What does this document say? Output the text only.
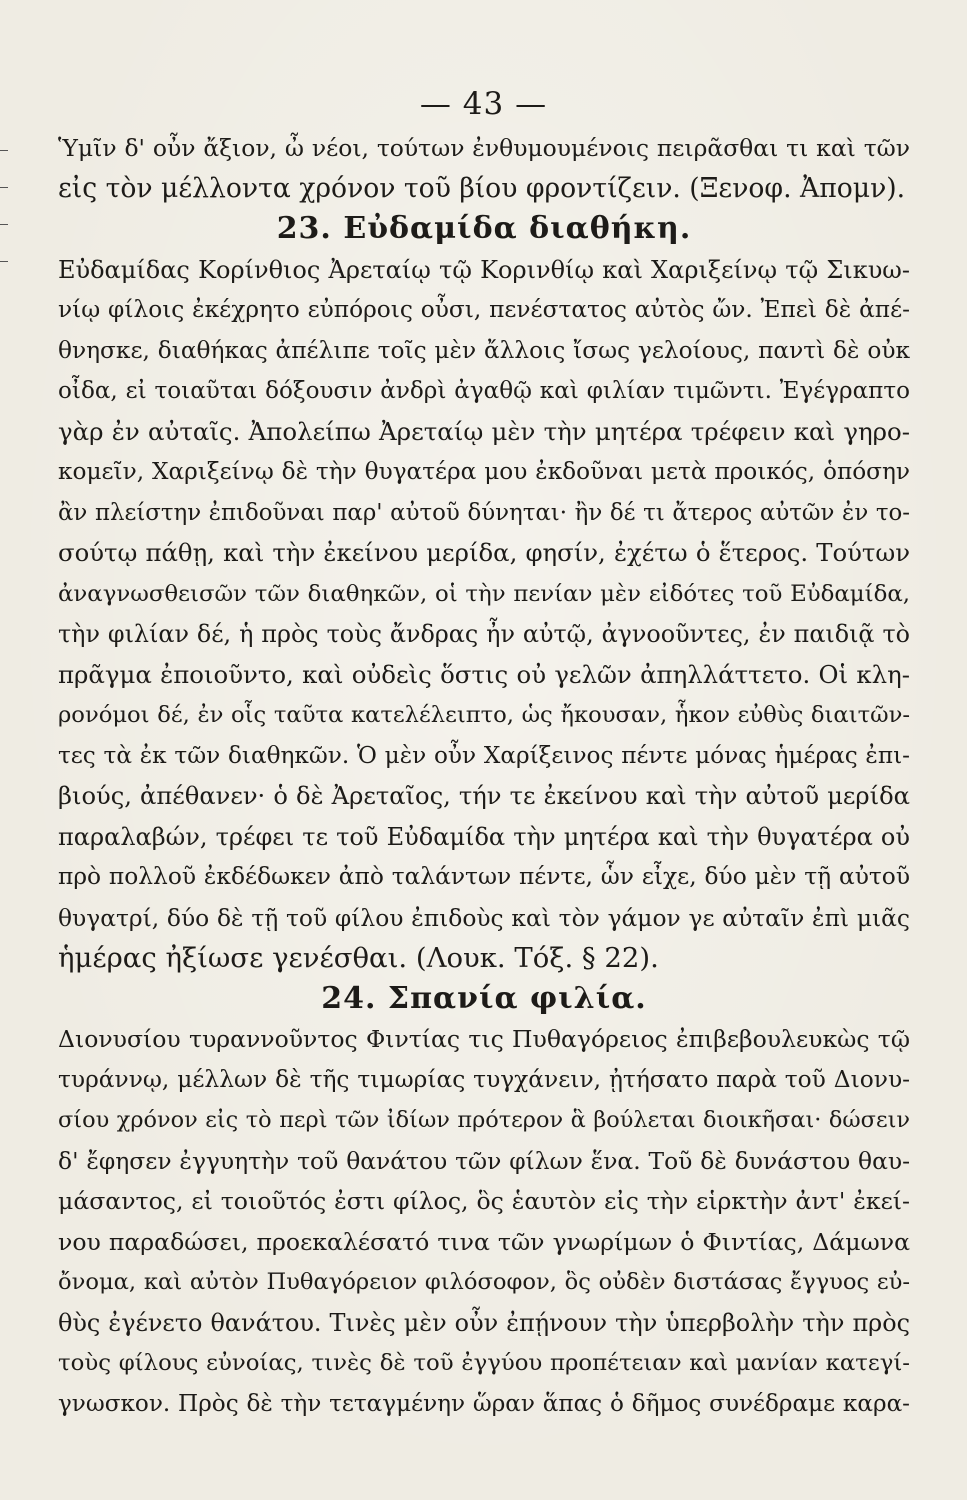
— 43 —
Ὑμῖν δ' οὖν ἄξιον, ὦ νέοι, τούτων ἐνθυμουμένοις πειρᾶσθαι τι καὶ τῶν
εἰς τὸν μέλλοντα χρόνον τοῦ βίου φροντίζειν. (Ξενοφ. Ἀπομν).
23. Εὐδαμίδα διαθήκη.
Εὐδαμίδας Κορίνθιος Ἀρεταίῳ τῷ Κορινθίῳ καὶ Χαριξείνῳ τῷ Σικυω-
νίῳ φίλοις ἐκέχρητο εὐπόροις οὖσι, πενέστατος αὐτὸς ὤν. Ἐπεὶ δὲ ἀπέ-
θνησκε, διαθήκας ἀπέλιπε τοῖς μὲν ἄλλοις ἴσως γελοίους, παντὶ δὲ οὐκ
οἶδα, εἰ τοιαῦται δόξουσιν ἀνδρὶ ἀγαθῷ καὶ φιλίαν τιμῶντι. Ἐγέγραπτο
γὰρ ἐν αὐταῖς. Ἀπολείπω Ἀρεταίῳ μὲν τὴν μητέρα τρέφειν καὶ γηρο-
κομεῖν, Χαριξείνῳ δὲ τὴν θυγατέρα μου ἐκδοῦναι μετὰ προικός, ὁπόσην
ἂν πλείστην ἐπιδοῦναι παρ' αὐτοῦ δύνηται· ἢν δέ τι ἄτερος αὐτῶν ἐν το-
σούτῳ πάθῃ, καὶ τὴν ἐκείνου μερίδα, φησίν, ἐχέτω ὁ ἕτερος. Τούτων
ἀναγνωσθεισῶν τῶν διαθηκῶν, οἱ τὴν πενίαν μὲν εἰδότες τοῦ Εὐδαμίδα,
τὴν φιλίαν δέ, ἡ πρὸς τοὺς ἄνδρας ἦν αὐτῷ, ἀγνοοῦντες, ἐν παιδιᾷ τὸ
πρᾶγμα ἐποιοῦντο, καὶ οὐδεὶς ὅστις οὐ γελῶν ἀπηλλάττετο. Οἱ κλη-
ρονόμοι δέ, ἐν οἷς ταῦτα κατελέλειπτο, ὡς ἤκουσαν, ἧκον εὐθὺς διαιτῶν-
τες τὰ ἐκ τῶν διαθηκῶν. Ὁ μὲν οὖν Χαρίξεινος πέντε μόνας ἡμέρας ἐπι-
βιούς, ἀπέθανεν· ὁ δὲ Ἀρεταῖος, τήν τε ἐκείνου καὶ τὴν αὐτοῦ μερίδα
παραλαβών, τρέφει τε τοῦ Εὐδαμίδα τὴν μητέρα καὶ τὴν θυγατέρα οὐ
πρὸ πολλοῦ ἐκδέδωκεν ἀπὸ ταλάντων πέντε, ὧν εἶχε, δύο μὲν τῇ αὐτοῦ
θυγατρί, δύο δὲ τῇ τοῦ φίλου ἐπιδοὺς καὶ τὸν γάμον γε αὐταῖν ἐπὶ μιᾶς
ἡμέρας ἠξίωσε γενέσθαι. (Λουκ. Τόξ. § 22).
24. Σπανία φιλία.
Διονυσίου τυραννοῦντος Φιντίας τις Πυθαγόρειος ἐπιβεβουλευκὼς τῷ
τυράννῳ, μέλλων δὲ τῆς τιμωρίας τυγχάνειν, ᾐτήσατο παρὰ τοῦ Διονυ-
σίου χρόνον εἰς τὸ περὶ τῶν ἰδίων πρότερον ἃ βούλεται διοικῆσαι· δώσειν
δ' ἔφησεν ἐγγυητὴν τοῦ θανάτου τῶν φίλων ἕνα. Τοῦ δὲ δυνάστου θαυ-
μάσαντος, εἰ τοιοῦτός ἐστι φίλος, ὃς ἑαυτὸν εἰς τὴν εἱρκτὴν ἀντ' ἐκεί-
νου παραδώσει, προεκαλέσατό τινα τῶν γνωρίμων ὁ Φιντίας, Δάμωνα
ὄνομα, καὶ αὐτὸν Πυθαγόρειον φιλόσοφον, ὃς οὐδὲν διστάσας ἔγγυος εὐ-
θὺς ἐγένετο θανάτου. Τινὲς μὲν οὖν ἐπῄνουν τὴν ὑπερβολὴν τὴν πρὸς
τοὺς φίλους εὐνοίας, τινὲς δὲ τοῦ ἐγγύου προπέτειαν καὶ μανίαν κατεγί-
γνωσκον. Πρὸς δὲ τὴν τεταγμένην ὥραν ἅπας ὁ δῆμος συνέδραμε καρα-
